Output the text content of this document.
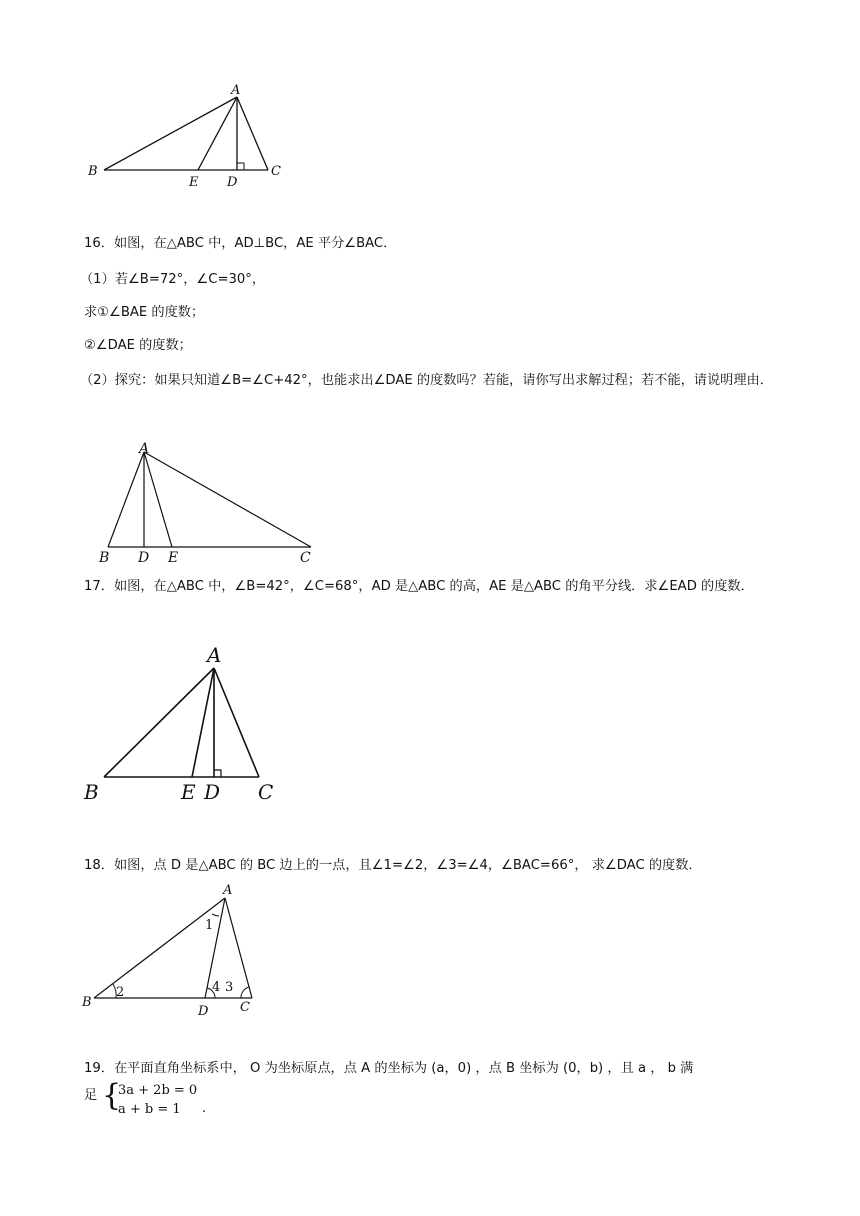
A
B
E D
C
16．如图，在△ABC 中，AD⊥BC，AE 平分∠BAC．
（1）若∠B=72°，∠C=30°，
求①∠BAE 的度数；
②∠DAE 的度数；
（2）探究：如果只知道∠B=∠C+42°，也能求出∠DAE 的度数吗？若能，请你写出求解过程；若不能，请说明理由．
A
B D E	C
17．如图，在△ABC 中，∠B=42°，∠C=68°，AD 是△ABC 的高，AE 是△ABC 的角平分线．求∠EAD 的度数．
A
B	E D C
18．如图，点 D 是△ABC 的 BC 边上的一点，且∠1=∠2，∠3=∠4，∠BAC=66°， 求∠DAC 的度数．
A
B
D C
1
2	3
4
19．在平面直角坐标系中， O 为坐标原点，点 A 的坐标为 (a，0) ，点 B 坐标为 (0，b) ，且 a ， b 满
足 {
3a + 2b = 0
a + b = 1 .
